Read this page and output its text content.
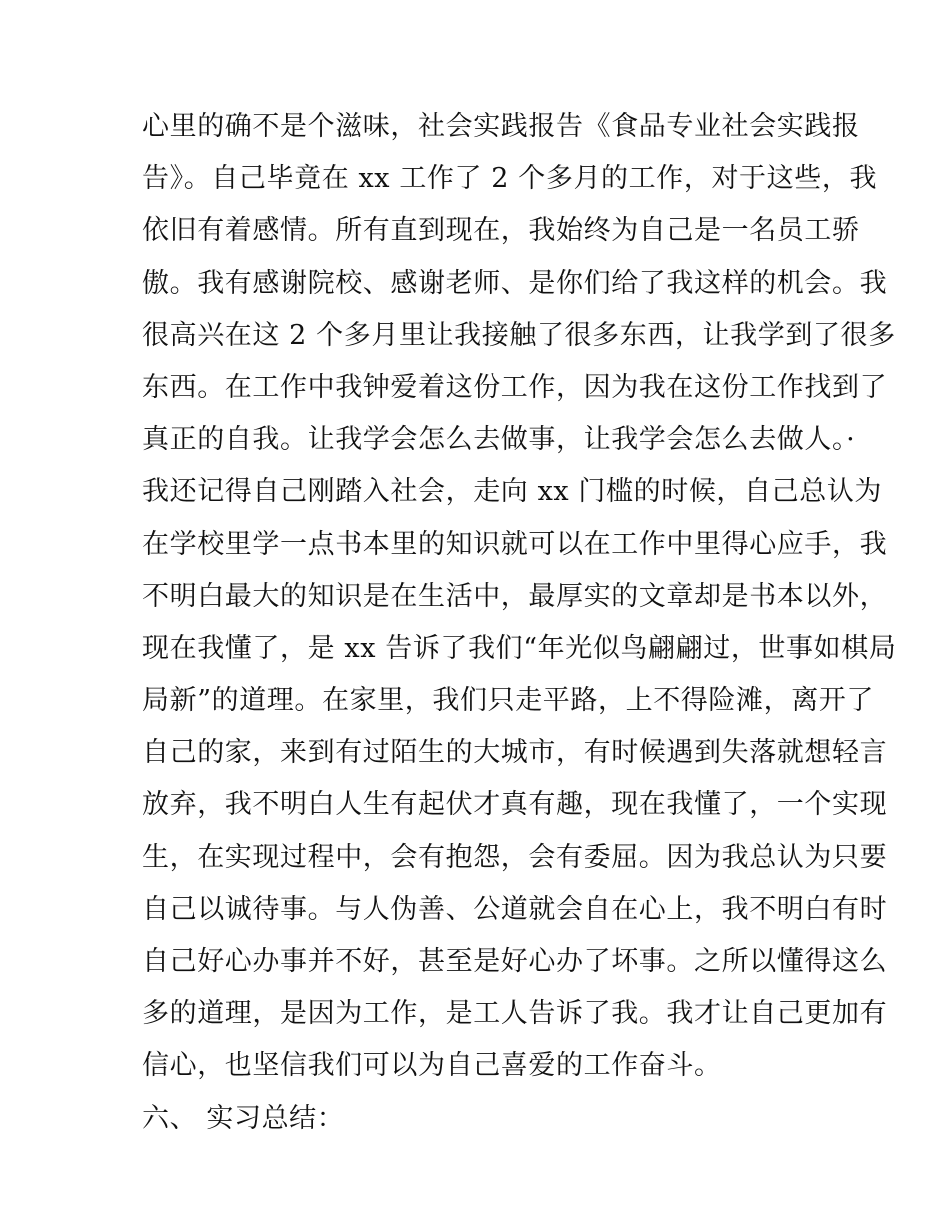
心里的确不是个滋味，社会实践报告《食品专业社会实践报
告》。自己毕竟在 xx 工作了 2 个多月的工作，对于这些，我
依旧有着感情。所有直到现在，我始终为自己是一名员工骄
傲。我有感谢院校、感谢老师、是你们给了我这样的机会。我
很高兴在这 2 个多月里让我接触了很多东西，让我学到了很多
东西。在工作中我钟爱着这份工作，因为我在这份工作找到了
真正的自我。让我学会怎么去做事，让我学会怎么去做人。·
我还记得自己刚踏入社会，走向 xx 门槛的时候，自己总认为
在学校里学一点书本里的知识就可以在工作中里得心应手，我
不明白最大的知识是在生活中，最厚实的文章却是书本以外，
现在我懂了，是 xx 告诉了我们“年光似鸟翩翩过，世事如棋局
局新”的道理。在家里，我们只走平路，上不得险滩，离开了
自己的家，来到有过陌生的大城市，有时候遇到失落就想轻言
放弃，我不明白人生有起伏才真有趣，现在我懂了，一个实现
生，在实现过程中，会有抱怨，会有委屈。因为我总认为只要
自己以诚待事。与人伪善、公道就会自在心上，我不明白有时
自己好心办事并不好，甚至是好心办了坏事。之所以懂得这么
多的道理，是因为工作，是工人告诉了我。我才让自己更加有
信心，也坚信我们可以为自己喜爱的工作奋斗。
六、 实习总结：
